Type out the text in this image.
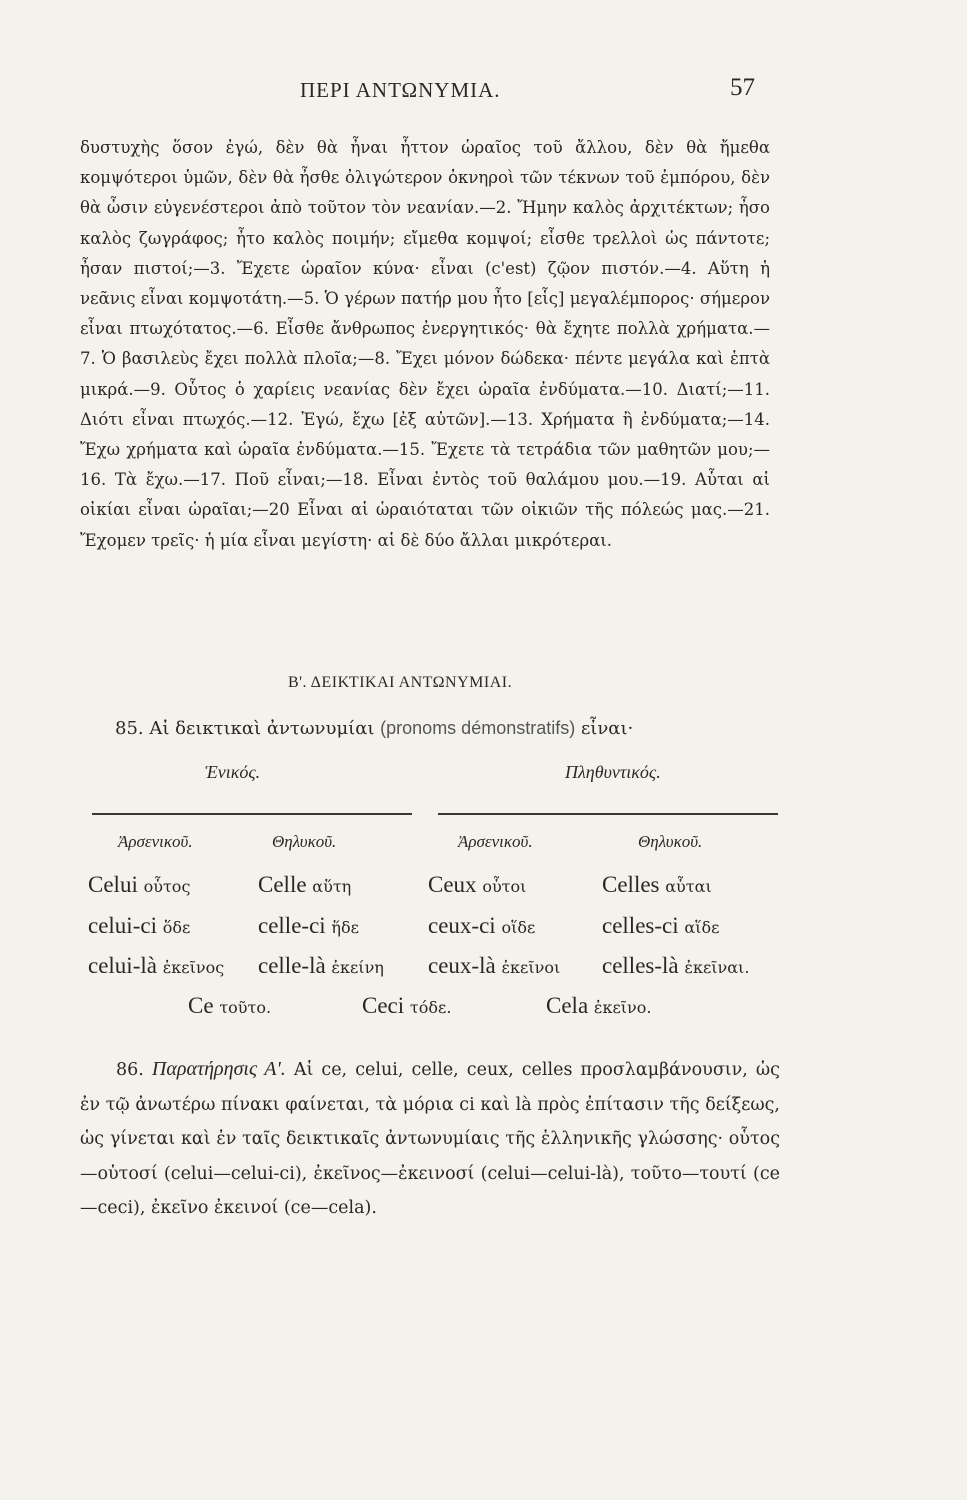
ΠΕΡΙ ΑΝΤΩΝΥΜΙΑ.	57
δυστυχὴς ὅσον ἐγώ, δὲν θὰ ἦναι ἧττον ὡραῖος τοῦ ἄλλου, δὲν θὰ ἤμεθα κομψότεροι ὑμῶν, δὲν θὰ ἦσθε ὀλιγώτερον ὀκνηροὶ τῶν τέκνων τοῦ ἐμπόρου, δὲν θὰ ὦσιν εὐγενέστεροι ἀπὸ τοῦτον τὸν νεανίαν.—2. Ἤμην καλὸς ἀρχιτέκτων; ἦσο καλὸς ζωγράφος; ἦτο καλὸς ποιμήν; εἴμεθα κομψοί; εἶσθε τρελλοὶ ὡς πάντοτε; ἦσαν πιστοί;—3. Ἔχετε ὡραῖον κύνα· εἶναι (c'est) ζῷον πιστόν.—4. Αὕτη ἡ νεᾶνις εἶναι κομψοτάτη.—5. Ὁ γέρων πατήρ μου ἦτο [εἷς] μεγαλέμπορος· σήμερον εἶναι πτωχότατος.—6. Εἶσθε ἄνθρωπος ἐνεργητικός· θὰ ἔχητε πολλὰ χρήματα.—7. Ὁ βασιλεὺς ἔχει πολλὰ πλοῖα;—8. Ἔχει μόνον δώδεκα· πέντε μεγάλα καὶ ἑπτὰ μικρά.—9. Οὗτος ὁ χαρίεις νεανίας δὲν ἔχει ὡραῖα ἐνδύματα.—10. Διατί;—11. Διότι εἶναι πτωχός.—12. Ἐγώ, ἔχω [ἐξ αὐτῶν].—13. Χρήματα ἢ ἐνδύματα;—14. Ἔχω χρήματα καὶ ὡραῖα ἐνδύματα.—15. Ἔχετε τὰ τετράδια τῶν μαθητῶν μου;—16. Τὰ ἔχω.—17. Ποῦ εἶναι;—18. Εἶναι ἐντὸς τοῦ θαλάμου μου.—19. Αὗται αἱ οἰκίαι εἶναι ὡραῖαι;—20 Εἶναι αἱ ὡραιόταται τῶν οἰκιῶν τῆς πόλεώς μας.—21. Ἔχομεν τρεῖς· ἡ μία εἶναι μεγίστη· αἱ δὲ δύο ἄλλαι μικρότεραι.
Β'. ΔΕΙΚΤΙΚΑΙ ΑΝΤΩΝΥΜΙΑΙ.
85. Αἱ δεικτικαὶ ἀντωνυμίαι (pronoms démonstratifs) εἶναι·
Ἑνικός.	Πληθυντικός.
Ἀρσενικοῦ.	Θηλυκοῦ.	Ἀρσενικοῦ.	Θηλυκοῦ.
Celui οὗτος	Celle αὕτη	Ceux οὗτοι	Celles αὗται
celui-ci ὅδε	celle-ci ἥδε	ceux-ci οἵδε	celles-ci αἵδε
celui-là ἐκεῖνος celle-là ἐκείνη ceux-là ἐκεῖνοι celles-là ἐκεῖναι.
Ce τοῦτο.	Ceci τόδε.	Cela ἐκεῖνο.
86. Παρατήρησις Α'. Αἱ ce, celui, celle, ceux, celles προσλαμβάνουσιν, ὡς ἐν τῷ ἀνωτέρω πίνακι φαίνεται, τὰ μόρια ci καὶ là πρὸς ἐπίτασιν τῆς δείξεως, ὡς γίνεται καὶ ἐν ταῖς δεικτικαῖς ἀντωνυμίαις τῆς ἑλληνικῆς γλώσσης· οὗτος—οὑτοσί (celui—celui-ci), ἐκεῖνος—ἐκεινοσί (celui—celui-là), τοῦτο—τουτί (ce—ceci), ἐκεῖνο ἐκεινοί (ce—cela).
